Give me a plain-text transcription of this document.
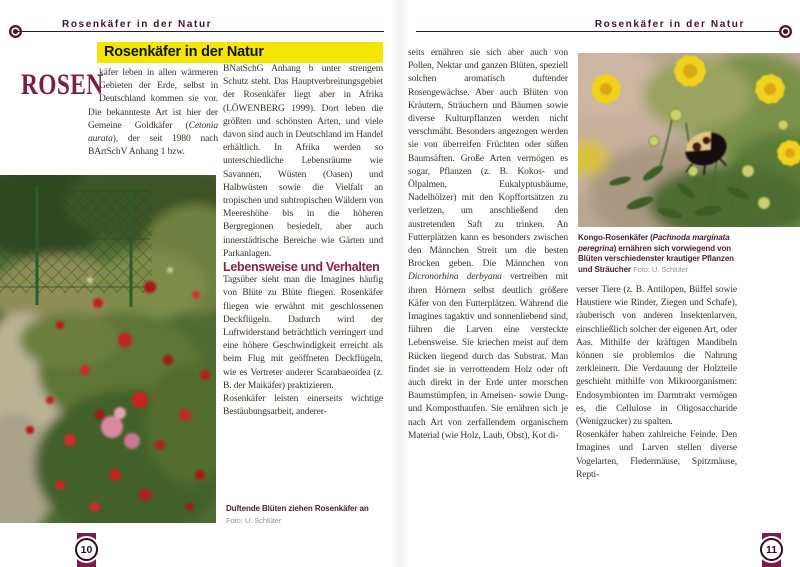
Rosenkäfer in der Natur
Rosenkäfer in der Natur
ROSEN

käfer leben in allen wärmeren Gebieten der Erde, selbst in Deutschland kommen sie vor. Die bekannteste Art ist hier der Gemeine Goldkäfer (Cetonia aurata), der seit 1980 nach BArtSchV Anhang 1 bzw.

BNatSchG Anhang b unter strengem Schutz steht. Das Hauptverbreitungsgebiet der Rosenkäfer liegt aber in Afrika (LÖWENBERG 1999). Dort leben die größten und schönsten Arten, und viele davon sind auch in Deutschland im Handel erhältlich. In Afrika werden so unterschiedliche Lebensräume wie Savannen, Wüsten (Oasen) und Halbwüsten sowie die Vielfalt an tropischen und subtropischen Wäldern von Meereshöhe bis in die höheren Bergregionen besiedelt, aber auch innerstädtische Bereiche wie Gärten und Parkanlagen.

Lebensweise und Verhalten

Tagsüber sieht man die Imagines häufig von Blüte zu Blüte fliegen. Rosenkäfer fliegen wie erwähnt mit geschlossenen Deckflügeln. Dadurch wird der Luftwiderstand beträchtlich verringert und eine höhere Geschwindigkeit erreicht als beim Flug mit geöffneten Deckflügeln, wie es Vertreter anderer Scarabaeoidea (z. B. der Maikäfer) praktizieren.

Rosenkäfer leisten einerseits wichtige Bestäubungsarbeit, anderer-

Duftende Blüten ziehen Rosenkäfer an
Foto: U. Schlüter
10
Rosenkäfer in der Natur

seits ernähren sie sich aber auch von Pollen, Nektar und ganzen Blüten, speziell solchen aromatisch duftender Rosengewächse. Aber auch Blüten von Kräutern, Sträuchern und Bäumen sowie diverse Kulturpflanzen werden nicht verschmäht. Besonders angezogen werden sie von überreifen Früchten oder süßen Baumsäften. Große Arten vermögen es sogar, Pflanzen (z. B. Kokos- und Ölpalmen, Eukalyptusbäume, Nadelhölzer) mit den Kopffortsätzen zu verletzen, um anschließend den austretenden Saft zu trinken. An Futterplätzen kann es besonders zwischen den Männchen Streit um die besten Brocken geben. Die Männchen von Dicronorhina derbyana vertreiben mit ihren Hörnern selbst deutlich größere Käfer von den Futterplätzen. Während die Imagines tagaktiv und sonnenliebend sind, führen die Larven eine versteckte Lebensweise. Sie kriechen meist auf dem Rücken liegend durch das Substrat. Man findet sie in verrottendem Holz oder oft auch direkt in der Erde unter morschen Baumstümpfen, in Ameisen- sowie Dung- und Komposthaufen. Sie ernähren sich je nach Art von zerfallendem organischem Material (wie Holz, Laub, Obst), Kot di-

Kongo-Rosenkäfer (Pachnoda marginata peregrina) ernähren sich vorwiegend von Blüten verschiedenster krautiger Pflanzen und Sträucher Foto: U. Schlüter

verser Tiere (z. B. Antilopen, Büffel sowie Haustiere wie Rinder, Ziegen und Schafe), räuberisch von anderen Insektenlarven, einschließlich solcher der eigenen Art, oder Aas. Mithilfe der kräftigen Mandibeln können sie problemlos die Nahrung zerkleinern. Die Verdauung der Holzteile geschieht mithilfe von Mikroorganismen: Endosymbionten im Darmtrakt vermögen es, die Cellulose in Oligosaccharide (Wenigzucker) zu spalten.

Rosenkäfer haben zahlreiche Feinde. Den Imagines und Larven stellen diverse Vogelarten, Fledermäuse, Spitzmäuse, Repti-

11
